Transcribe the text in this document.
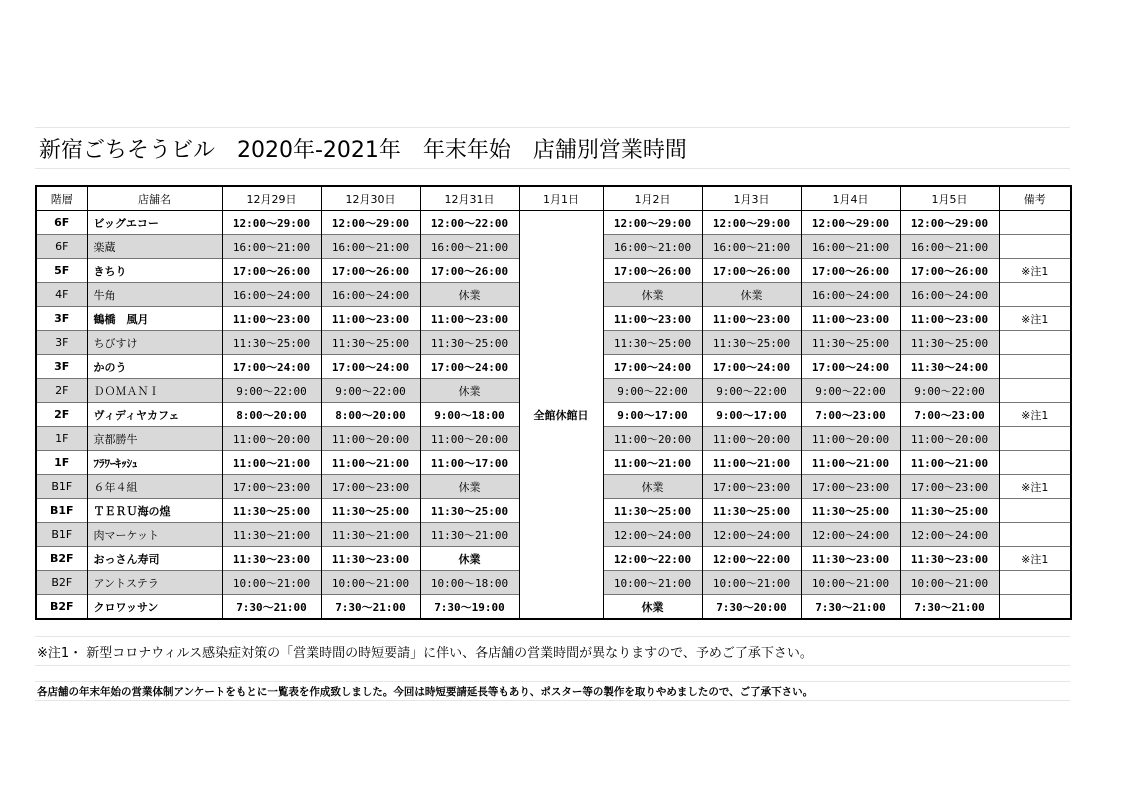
新宿ごちそうビル　2020年-2021年　年末年始　店舗別営業時間
階層	店舗名	12月29日	12月30日	12月31日	1月1日	1月2日	1月3日	1月4日	1月5日	備考
6F	ビッグエコー	12:00～29:00	12:00～29:00	12:00～22:00	全館休館日	12:00～29:00	12:00～29:00	12:00～29:00	12:00～29:00	
6F	楽蔵	16:00～21:00	16:00～21:00	16:00～21:00		16:00～21:00	16:00～21:00	16:00～21:00	16:00～21:00	
5F	きちり	17:00～26:00	17:00～26:00	17:00～26:00		17:00～26:00	17:00～26:00	17:00～26:00	17:00～26:00	※注1
4F	牛角	16:00～24:00	16:00～24:00	休業		休業	休業	16:00～24:00	16:00～24:00	
3F	鶴橋　風月	11:00～23:00	11:00～23:00	11:00～23:00		11:00～23:00	11:00～23:00	11:00～23:00	11:00～23:00	※注1
3F	ちびすけ	11:30～25:00	11:30～25:00	11:30～25:00		11:30～25:00	11:30～25:00	11:30～25:00	11:30～25:00	
3F	かのう	17:00～24:00	17:00～24:00	17:00～24:00		17:00～24:00	17:00～24:00	17:00～24:00	11:30～24:00	
2F	ＤＯＭＡＮＩ	9:00～22:00	9:00～22:00	休業		9:00～22:00	9:00～22:00	9:00～22:00	9:00～22:00	
2F	ヴィディヤカフェ	8:00～20:00	8:00～20:00	9:00～18:00		9:00～17:00	9:00～17:00	7:00～23:00	7:00～23:00	※注1
1F	京都勝牛	11:00～20:00	11:00～20:00	11:00～20:00		11:00～20:00	11:00～20:00	11:00～20:00	11:00～20:00	
1F	ﾌﾗﾜｰｷｯｼｭ	11:00～21:00	11:00～21:00	11:00～17:00		11:00～21:00	11:00～21:00	11:00～21:00	11:00～21:00	
B1F	６年４組	17:00～23:00	17:00～23:00	休業		休業	17:00～23:00	17:00～23:00	17:00～23:00	※注1
B1F	ＴＥＲＵ海の煌	11:30～25:00	11:30～25:00	11:30～25:00		11:30～25:00	11:30～25:00	11:30～25:00	11:30～25:00	
B1F	肉マーケット	11:30～21:00	11:30～21:00	11:30～21:00		12:00～24:00	12:00～24:00	12:00～24:00	12:00～24:00	
B2F	おっさん寿司	11:30～23:00	11:30～23:00	休業		12:00～22:00	12:00～22:00	11:30～23:00	11:30～23:00	※注1
B2F	アントステラ	10:00～21:00	10:00～21:00	10:00～18:00		10:00～21:00	10:00～21:00	10:00～21:00	10:00～21:00	
B2F	クロワッサン	7:30～21:00	7:30～21:00	7:30～19:00		休業	7:30～20:00	7:30～21:00	7:30～21:00	
※注1・ 新型コロナウィルス感染症対策の「営業時間の時短要請」に伴い、各店舗の営業時間が異なりますので、予めご了承下さい。
各店舗の年末年始の営業体制アンケートをもとに一覧表を作成致しました。今回は時短要請延長等もあり、ポスター等の製作を取りやめましたので、ご了承下さい。
